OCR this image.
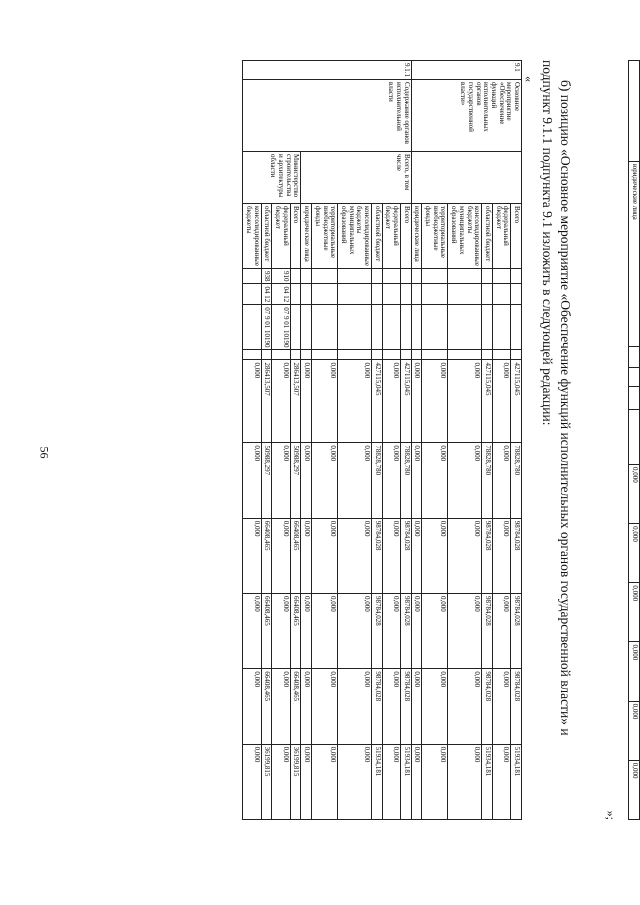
56
	юридические лица					0,000	0,000	0,000	0,000	0,000	0,000
»;
б) позицию «Основное мероприятие «Обеспечение функций исполнительных органов государственной власти» и
подпункт 9.1.1 подпункта 9.1 изложить в следующей редакции:
«
9.1	Основное мероприятие «Обеспечение функций исполнительных органов государственной власти»		Всего					427115,045	78828,780	98784,028	98784,028	98784,028	51934,181
			федеральный бюджет					0,000	0,000	0,000	0,000	0,000	0,000
			областной бюджет					427115,045	78828,780	98784,028	98784,028	98784,028	51934,181
			консолидированные бюджеты муниципальных образований					0,000	0,000	0,000	0,000	0,000	0,000
			территориальные внебюджетные фонды					0,000	0,000	0,000	0,000	0,000	0,000
			юридические лица					0,000	0,000	0,000	0,000	0,000	0,000
9.1.1	Содержание органов исполнительной власти	Всего, в том числе	Всего					427115,045	78828,780	98784,028	98784,028	98784,028	51934,181
			федеральный бюджет					0,000	0,000	0,000	0,000	0,000	0,000
			областной бюджет					427115,045	78828,780	98784,028	98784,028	98784,028	51934,181
			консолидированные бюджеты муниципальных образований					0,000	0,000	0,000	0,000	0,000	0,000
			территориальные внебюджетные фонды					0,000	0,000	0,000	0,000	0,000	0,000
			юридические лица					0,000	0,000	0,000	0,000	0,000	0,000
		Министерство строительства и архитектуры области	Всего					286413,507	50988,297	66408,465	66408,465	66408,465	36199,815
			федеральный бюджет	910	04 12	07 9 01 10190		0,000	0,000	0,000	0,000	0,000	0,000
			областной бюджет	938	04 12	07 9 01 10190		286413,507	50988,297	66408,465	66408,465	66408,465	36199,815
			консолидированные бюджеты					0,000	0,000	0,000	0,000	0,000	0,000
